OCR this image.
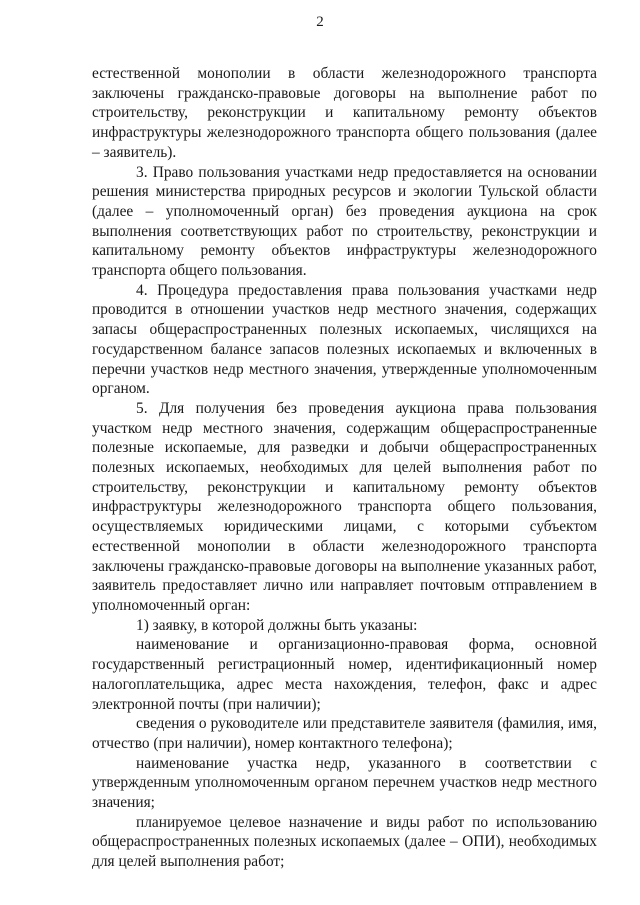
2

естественной монополии в области железнодорожного транспорта заключены гражданско-правовые договоры на выполнение работ по строительству, реконструкции и капитальному ремонту объектов инфраструктуры железнодорожного транспорта общего пользования (далее – заявитель).

3. Право пользования участками недр предоставляется на основании решения министерства природных ресурсов и экологии Тульской области (далее – уполномоченный орган) без проведения аукциона на срок выполнения соответствующих работ по строительству, реконструкции и капитальному ремонту объектов инфраструктуры железнодорожного транспорта общего пользования.

4. Процедура предоставления права пользования участками недр проводится в отношении участков недр местного значения, содержащих запасы общераспространенных полезных ископаемых, числящихся на государственном балансе запасов полезных ископаемых и включенных в перечни участков недр местного значения, утвержденные уполномоченным органом.

5. Для получения без проведения аукциона права пользования участком недр местного значения, содержащим общераспространенные полезные ископаемые, для разведки и добычи общераспространенных полезных ископаемых, необходимых для целей выполнения работ по строительству, реконструкции и капитальному ремонту объектов инфраструктуры железнодорожного транспорта общего пользования, осуществляемых юридическими лицами, с которыми субъектом естественной монополии в области железнодорожного транспорта заключены гражданско-правовые договоры на выполнение указанных работ, заявитель предоставляет лично или направляет почтовым отправлением в уполномоченный орган:

1) заявку, в которой должны быть указаны:

наименование и организационно-правовая форма, основной государственный регистрационный номер, идентификационный номер налогоплательщика, адрес места нахождения, телефон, факс и адрес электронной почты (при наличии);

сведения о руководителе или представителе заявителя (фамилия, имя, отчество (при наличии), номер контактного телефона);

наименование участка недр, указанного в соответствии с утвержденным уполномоченным органом перечнем участков недр местного значения;

планируемое целевое назначение и виды работ по использованию общераспространенных полезных ископаемых (далее – ОПИ), необходимых для целей выполнения работ;
